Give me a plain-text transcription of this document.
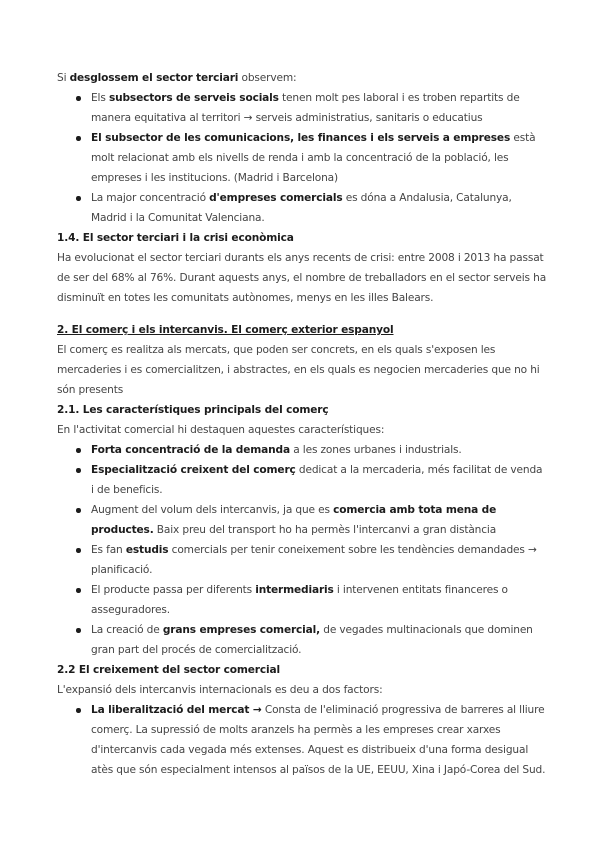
Si desglossem el sector terciari observem:

Els subsectors de serveis socials tenen molt pes laboral i es troben repartits de manera equitativa al territori → serveis administratius, sanitaris o educatius
El subsector de les comunicacions, les finances i els serveis a empreses està molt relacionat amb els nivells de renda i amb la concentració de la població, les empreses i les institucions. (Madrid i Barcelona)
La major concentració d'empreses comercials es dóna a Andalusia, Catalunya, Madrid i la Comunitat Valenciana.
1.4. El sector terciari i la crisi econòmica

Ha evolucionat el sector terciari durants els anys recents de crisi: entre 2008 i 2013 ha passat de ser del 68% al 76%. Durant aquests anys, el nombre de treballadors en el sector serveis ha disminuït en totes les comunitats autònomes, menys en les illes Balears.

2. El comerç i els intercanvis. El comerç exterior espanyol

El comerç es realitza als mercats, que poden ser concrets, en els quals s'exposen les mercaderies i es comercialitzen, i abstractes, en els quals es negocien mercaderies que no hi són presents

2.1. Les característiques principals del comerç

En l'activitat comercial hi destaquen aquestes característiques:

Forta concentració de la demanda a les zones urbanes i industrials.
Especialització creixent del comerç dedicat a la mercaderia, més facilitat de venda i de beneficis.
Augment del volum dels intercanvis, ja que es comercia amb tota mena de productes. Baix preu del transport ho ha permès l'intercanvi a gran distància
Es fan estudis comercials per tenir coneixement sobre les tendències demandades → planificació.
El producte passa per diferents intermediaris i intervenen entitats financeres o asseguradores.
La creació de grans empreses comercial, de vegades multinacionals que dominen gran part del procés de comercialització.
2.2 El creixement del sector comercial

L'expansió dels intercanvis internacionals es deu a dos factors:

La liberalització del mercat → Consta de l'eliminació progressiva de barreres al lliure comerç. La supressió de molts aranzels ha permès a les empreses crear xarxes d'intercanvis cada vegada més extenses. Aquest es distribueix d'una forma desigual atès que són especialment intensos al països de la UE, EEUU, Xina i Japó-Corea del Sud.
